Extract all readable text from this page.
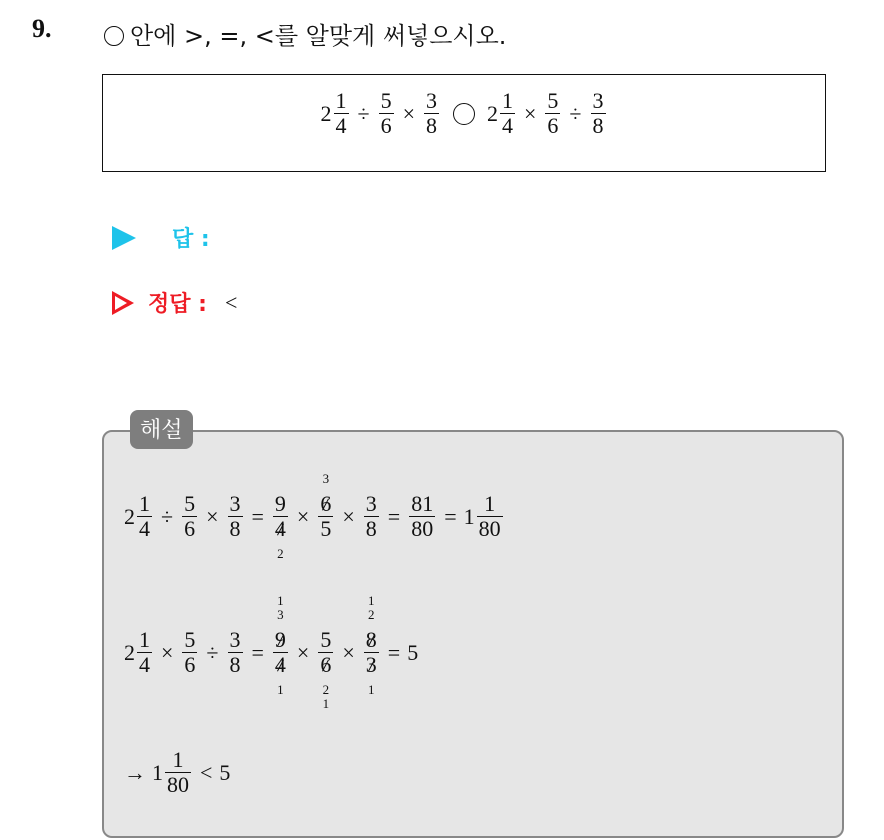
9.	안에 >, =, <를 알맞게 써넣으시오.
$2 \frac{1}{4} \div \frac{5}{6} \times \frac{3}{8} 2 \frac{1}{4} \times \frac{5}{6} \div \frac{3}{8}$
답 :
정답 : <
해설
$2 \frac{1}{4} \div \frac{5}{6} \times \frac{3}{8} = 9$
4
2 × 6
3
$5 \times \frac{3}{8} = \frac{81}{80} = 1 \frac{1}{80}$
$2 \frac{1}{4} \times \frac{5}{6} \div \frac{3}{8} = 9$
1
3
4
1 × 5
6
2
1 × 8
1
2
3
1 = 5
→ $1 \frac{1}{80} < 5$
